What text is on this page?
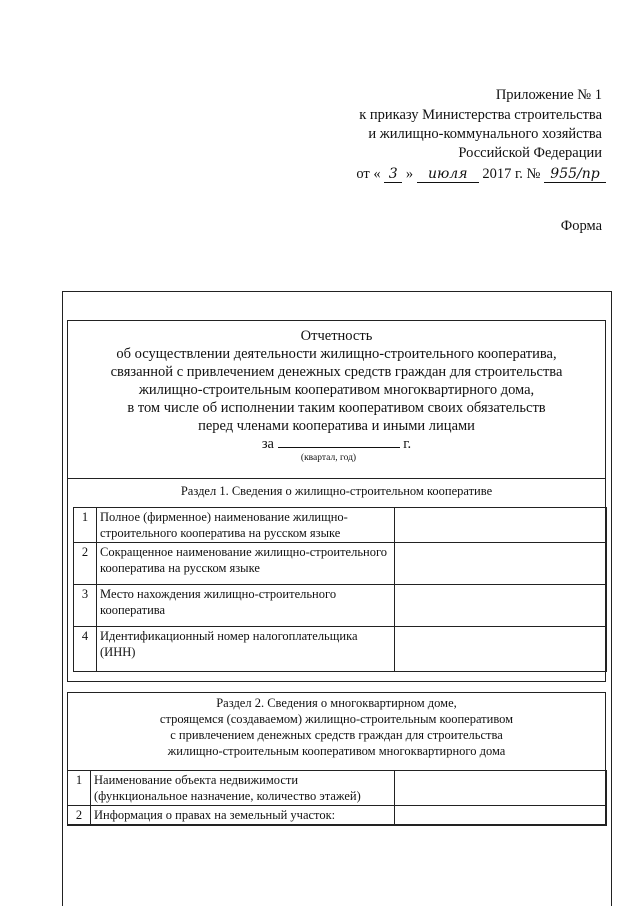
Приложение № 1
к приказу Министерства строительства
и жилищно-коммунального хозяйства
Российской Федерации
от « 3 » июля 2017 г. № 955/пр
Форма
Отчетность
об осуществлении деятельности жилищно-строительного кооператива,
связанной с привлечением денежных средств граждан для строительства
жилищно-строительным кооперативом многоквартирного дома,
в том числе об исполнении таким кооперативом своих обязательств
перед членами кооператива и иными лицами
за	г.
(квартал, год)
Раздел 1. Сведения о жилищно-строительном кооперативе
1	Полное (фирменное) наименование жилищно-строительного кооператива на русском языке	
2	Сокращенное наименование жилищно-строительного кооператива на русском языке	
3	Место нахождения жилищно-строительного кооператива	
4	Идентификационный номер налогоплательщика (ИНН)	
Раздел 2. Сведения о многоквартирном доме,
строящемся (создаваемом) жилищно-строительным кооперативом
с привлечением денежных средств граждан для строительства
жилищно-строительным кооперативом многоквартирного дома
1	Наименование объекта недвижимости (функциональное назначение, количество этажей)	
2	Информация о правах на земельный участок:	
